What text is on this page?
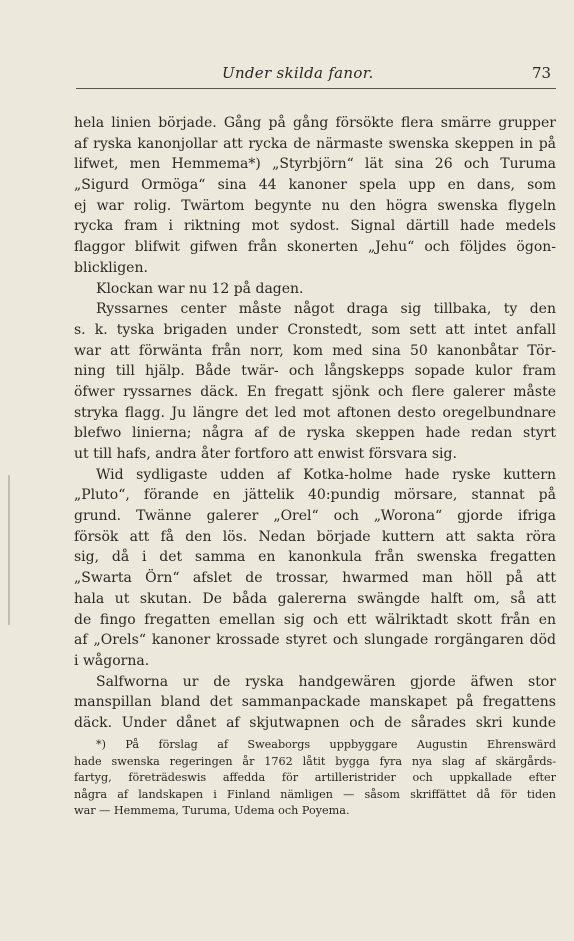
Under skilda fanor.	73
hela linien började. Gång på gång försökte flera smärre grupper
af ryska kanonjollar att rycka de närmaste swenska skeppen in på
lifwet, men Hemmema*) „Styrbjörn“ lät sina 26 och Turuma
„Sigurd Ormöga“ sina 44 kanoner spela upp en dans, som
ej war rolig. Twärtom begynte nu den högra swenska flygeln
rycka fram i riktning mot sydost. Signal därtill hade medels
flaggor blifwit gifwen från skonerten „Jehu“ och följdes ögon-
blickligen.
Klockan war nu 12 på dagen.
Ryssarnes center måste något draga sig tillbaka, ty den
s. k. tyska brigaden under Cronstedt, som sett att intet anfall
war att förwänta från norr, kom med sina 50 kanonbåtar Tör-
ning till hjälp. Både twär- och långskepps sopade kulor fram
öfwer ryssarnes däck. En fregatt sjönk och flere galerer måste
stryka flagg. Ju längre det led mot aftonen desto oregelbundnare
blefwo linierna; några af de ryska skeppen hade redan styrt
ut till hafs, andra åter fortforo att enwist försvara sig.
Wid sydligaste udden af Kotka-holme hade ryske kuttern
„Pluto“, förande en jättelik 40:pundig mörsare, stannat på
grund. Twänne galerer „Orel“ och „Worona“ gjorde ifriga
försök att få den lös. Nedan började kuttern att sakta röra
sig, då i det samma en kanonkula från swenska fregatten
„Swarta Örn“ afslet de trossar, hwarmed man höll på att
hala ut skutan. De båda galererna swängde halft om, så att
de fingo fregatten emellan sig och ett wälriktadt skott från en
af „Orels“ kanoner krossade styret och slungade rorgängaren död
i wågorna.
Salfworna ur de ryska handgewären gjorde äfwen stor
manspillan bland det sammanpackade manskapet på fregattens
däck. Under dånet af skjutwapnen och de sårades skri kunde
*) På förslag af Sweaborgs uppbyggare Augustin Ehrenswärd
hade swenska regeringen år 1762 låtit bygga fyra nya slag af skärgårds-
fartyg, företrädeswis affedda för artilleristrider och uppkallade efter
några af landskapen i Finland nämligen — såsom skriffättet då för tiden
war — Hemmema, Turuma, Udema och Poyema.
